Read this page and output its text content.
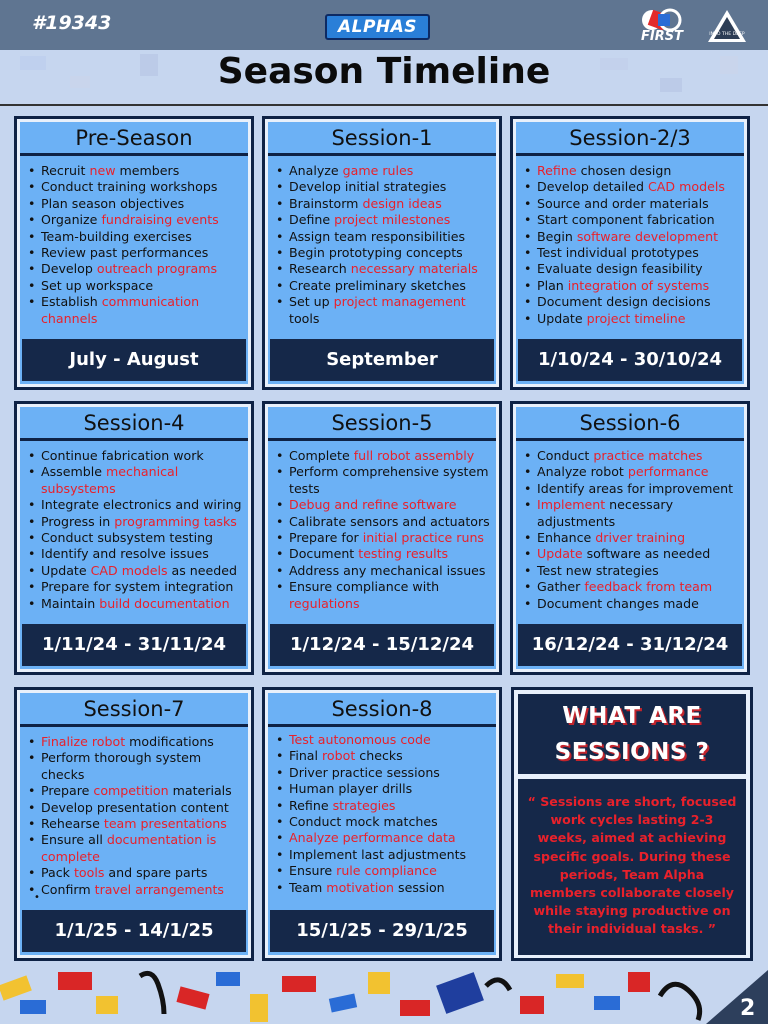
#19343	ALPHAS	FIRST	INTO THE DEEP
Season Timeline
Pre-Season
• Recruit new members
• Conduct training workshops
• Plan season objectives
• Organize fundraising events
• Team-building exercises
• Review past performances
• Develop outreach programs
• Set up workspace
• Establish communication channels
July - August
Session-1
• Analyze game rules
• Develop initial strategies
• Brainstorm design ideas
• Define project milestones
• Assign team responsibilities
• Begin prototyping concepts
• Research necessary materials
• Create preliminary sketches
• Set up project management tools
September
Session-2/3
• Refine chosen design
• Develop detailed CAD models
• Source and order materials
• Start component fabrication
• Begin software development
• Test individual prototypes
• Evaluate design feasibility
• Plan integration of systems
• Document design decisions
• Update project timeline
1/10/24 - 30/10/24
Session-4
• Continue fabrication work
• Assemble mechanical subsystems
• Integrate electronics and wiring
• Progress in programming tasks
• Conduct subsystem testing
• Identify and resolve issues
• Update CAD models as needed
• Prepare for system integration
• Maintain build documentation
1/11/24 - 31/11/24
Session-5
• Complete full robot assembly
• Perform comprehensive system tests
• Debug and refine software
• Calibrate sensors and actuators
• Prepare for initial practice runs
• Document testing results
• Address any mechanical issues
• Ensure compliance with regulations
1/12/24 - 15/12/24
Session-6
• Conduct practice matches
• Analyze robot performance
• Identify areas for improvement
• Implement necessary adjustments
• Enhance driver training
• Update software as needed
• Test new strategies
• Gather feedback from team
• Document changes made
16/12/24 - 31/12/24
Session-7
• Finalize robot modifications
• Perform thorough system checks
• Prepare competition materials
• Develop presentation content
• Rehearse team presentations
• Ensure all documentation is complete
• Pack tools and spare parts
• Confirm travel arrangements
•
1/1/25 - 14/1/25
Session-8
• Test autonomous code
• Final robot checks
• Driver practice sessions
• Human player drills
• Refine strategies
• Conduct mock matches
• Analyze performance data
• Implement last adjustments
• Ensure rule compliance
• Team motivation session
15/1/25 - 29/1/25
WHAT ARE
SESSIONS ?
“ Sessions are short, focused work cycles lasting 2-3 weeks, aimed at achieving specific goals. During these periods, Team Alpha members collaborate closely while staying productive on their individual tasks. ”
2
